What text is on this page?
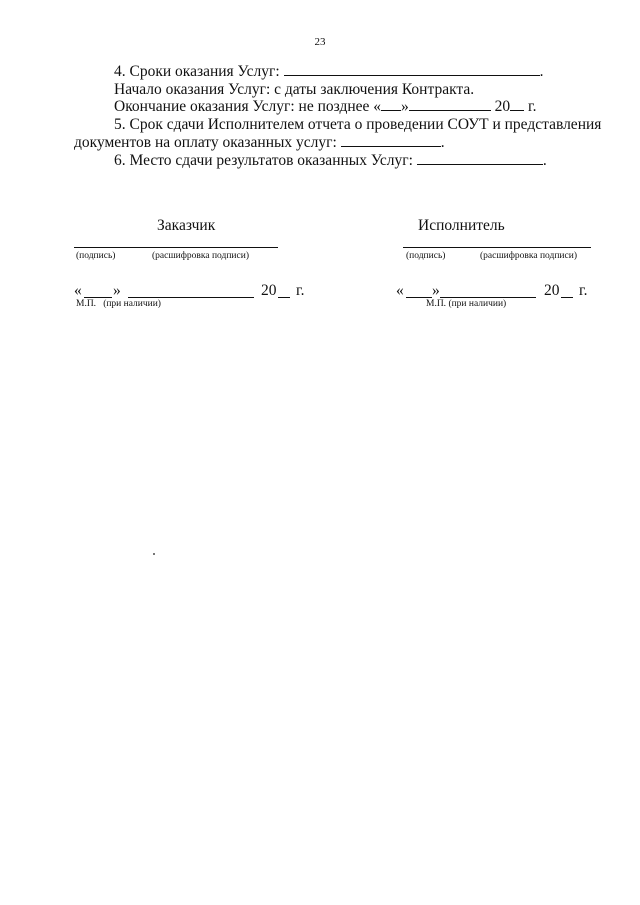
23
4. Сроки оказания Услуг:	.
Начало оказания Услуг: с даты заключения Контракта.
Окончание оказания Услуг: не позднее « »	20 г.
5. Срок сдачи Исполнителем отчета о проведении СОУТ и представления
документов на оплату оказанных услуг:	.
6. Место сдачи результатов оказанных Услуг:	.
Заказчик
(подпись)	(расшифровка подписи)
« »	20 г.
М.П. (при наличии)
Исполнитель
(подпись)	(расшифровка подписи)
« »	20 г.
М.П. (при наличии)
